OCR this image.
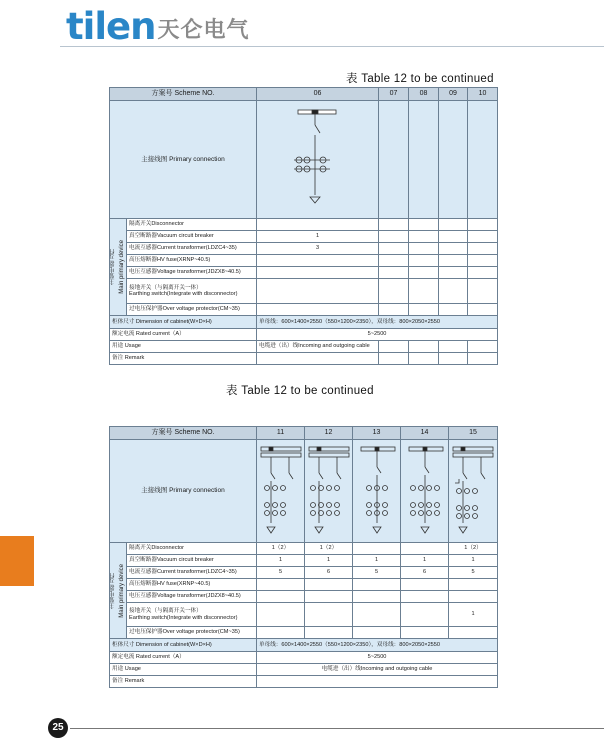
tilen 天仑电气
表 Table 12 to be continued
方案号 Scheme NO.		06	07	08	09	10
主接线图 Primary connection	

主要电器元件 Main primary device	隔离开关Disconnector					
	真空断路器Vacuum circuit breaker	1				
	电流互感器Current transformer(LDZC4~35)	3				
	高压熔断器HV fuse(XRNP~40.5)					
	电压互感器Voltage transformer(JDZX8~40.5)					
	接地开关（与隔离开关一体）
Earthing switch(Integrate with disconnector)					
	过电压保护器Over voltage protector(CM~35)					
柜体尺寸 Dimension of cabinet(W×D×H)		单母线：600×1400×2550（550×1200×2350），双母线：800×2050×2550				
额定电流 Rated current（A）		5~2500				
用途 Usage		电缆进（出）线Incoming and outgoing cable				
备注 Remark						
表 Table 12 to be continued
方案号 Scheme NO.		11	12	13	14	15
主接线图 Primary connection	

主要电器元件 Main primary device	隔离开关Disconnector	1（2）	1（2）			1（2）
	真空断路器Vacuum circuit breaker	1	1	1	1	1
	电流互感器Current transformer(LDZC4~35)	5	6	5	6	5
	高压熔断器HV fuse(XRNP~40.5)					
	电压互感器Voltage transformer(JDZX8~40.5)					
	接地开关（与隔离开关一体）
Earthing switch(Integrate with disconnector)					1
	过电压保护器Over voltage protector(CM~35)					
柜体尺寸 Dimension of cabinet(W×D×H)		单母线：600×1400×2550（550×1200×2350），双母线：800×2050×2550				
额定电流 Rated current（A）		5~2500				
用途 Usage		电缆进（出）线Incoming and outgoing cable				
备注 Remark						
25
